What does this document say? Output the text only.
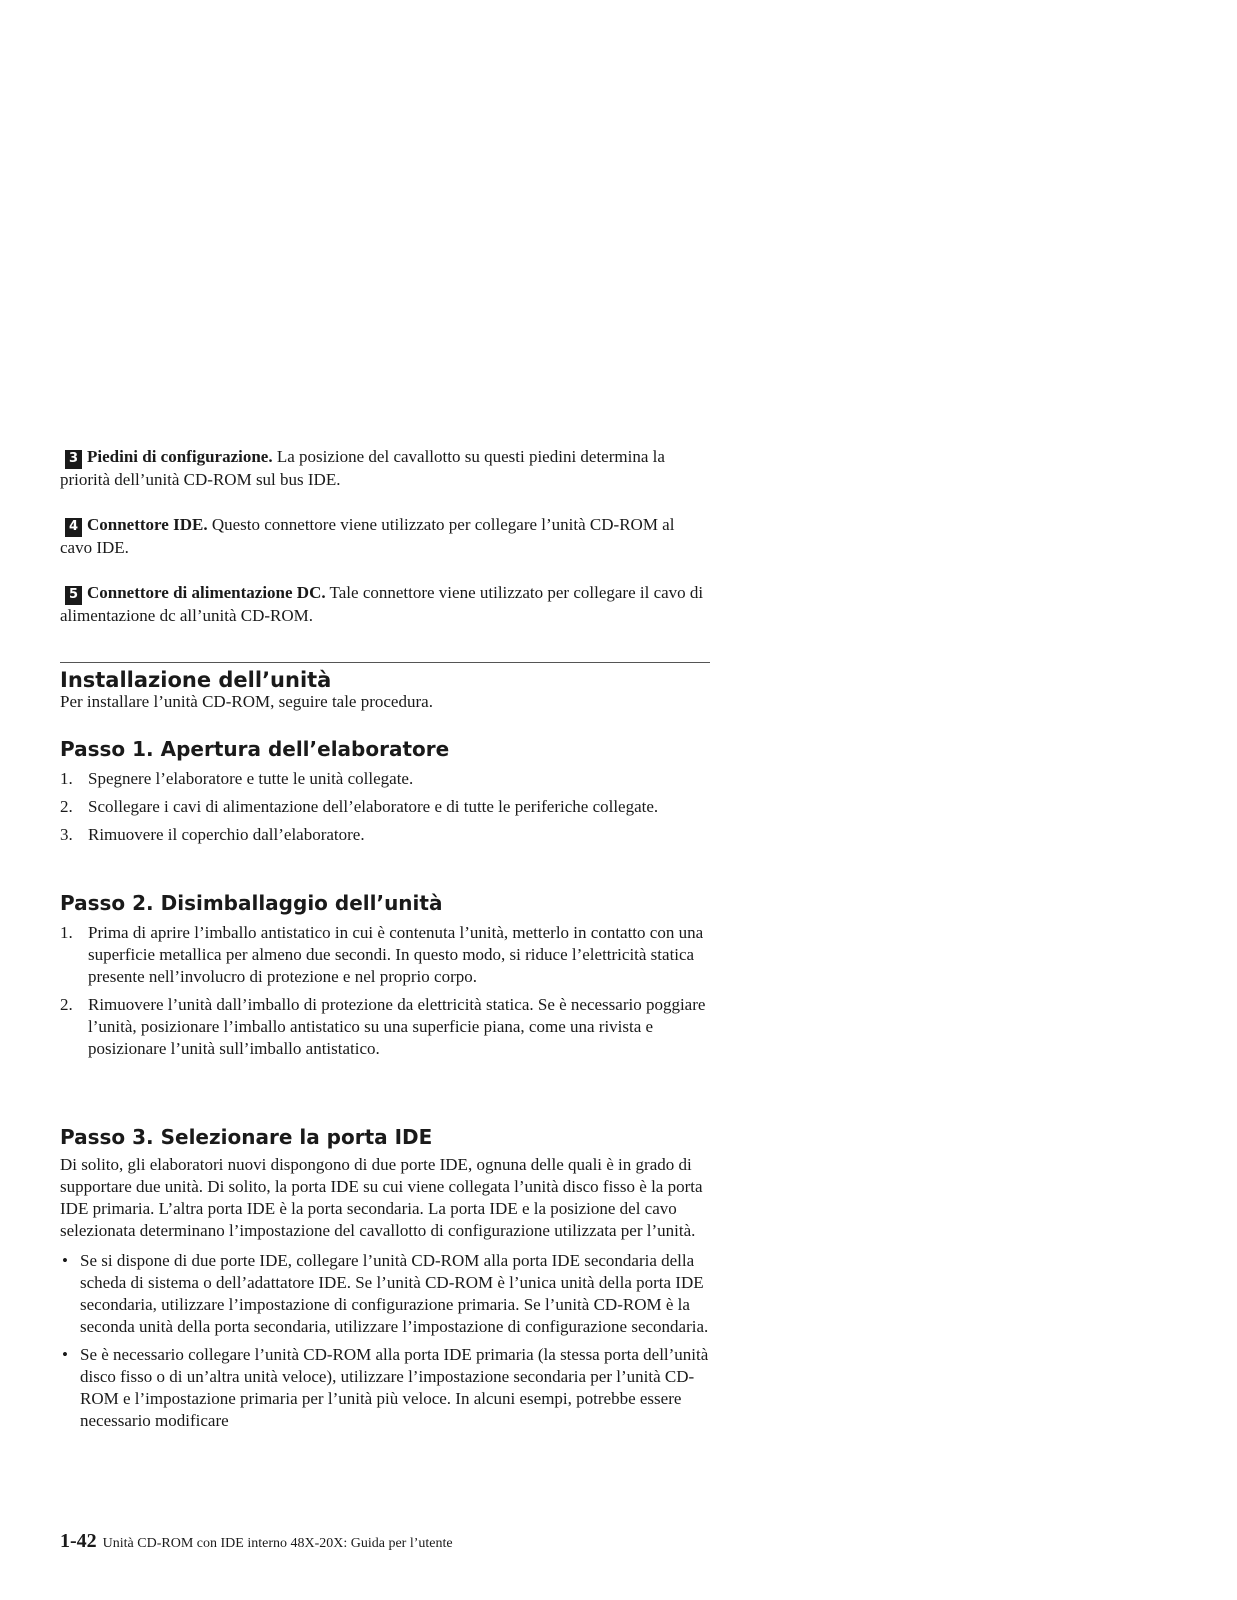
3 Piedini di configurazione. La posizione del cavallotto su questi piedini determina la priorità dell’unità CD-ROM sul bus IDE.

4 Connettore IDE. Questo connettore viene utilizzato per collegare l’unità CD-ROM al cavo IDE.

5 Connettore di alimentazione DC. Tale connettore viene utilizzato per collegare il cavo di alimentazione dc all’unità CD-ROM.

Installazione dell’unità
Per installare l’unità CD-ROM, seguire tale procedura.
Passo 1. Apertura dell’elaboratore
1. Spegnere l’elaboratore e tutte le unità collegate.
2. Scollegare i cavi di alimentazione dell’elaboratore e di tutte le periferiche collegate.
3. Rimuovere il coperchio dall’elaboratore.
Passo 2. Disimballaggio dell’unità
1. Prima di aprire l’imballo antistatico in cui è contenuta l’unità, metterlo in contatto con una superficie metallica per almeno due secondi. In questo modo, si riduce l’elettricità statica presente nell’involucro di protezione e nel proprio corpo.
2. Rimuovere l’unità dall’imballo di protezione da elettricità statica. Se è necessario poggiare l’unità, posizionare l’imballo antistatico su una superficie piana, come una rivista e posizionare l’unità sull’imballo antistatico.
Passo 3. Selezionare la porta IDE

Di solito, gli elaboratori nuovi dispongono di due porte IDE, ognuna delle quali è in grado di supportare due unità. Di solito, la porta IDE su cui viene collegata l’unità disco fisso è la porta IDE primaria. L’altra porta IDE è la porta secondaria. La porta IDE e la posizione del cavo selezionata determinano l’impostazione del cavallotto di configurazione utilizzata per l’unità.

• Se si dispone di due porte IDE, collegare l’unità CD-ROM alla porta IDE secondaria della scheda di sistema o dell’adattatore IDE. Se l’unità CD-ROM è l’unica unità della porta IDE secondaria, utilizzare l’impostazione di configurazione primaria. Se l’unità CD-ROM è la seconda unità della porta secondaria, utilizzare l’impostazione di configurazione secondaria.
• Se è necessario collegare l’unità CD-ROM alla porta IDE primaria (la stessa porta dell’unità disco fisso o di un’altra unità veloce), utilizzare l’impostazione secondaria per l’unità CD-ROM e l’impostazione primaria per l’unità più veloce. In alcuni esempi, potrebbe essere necessario modificare
1-42 Unità CD-ROM con IDE interno 48X-20X: Guida per l’utente
